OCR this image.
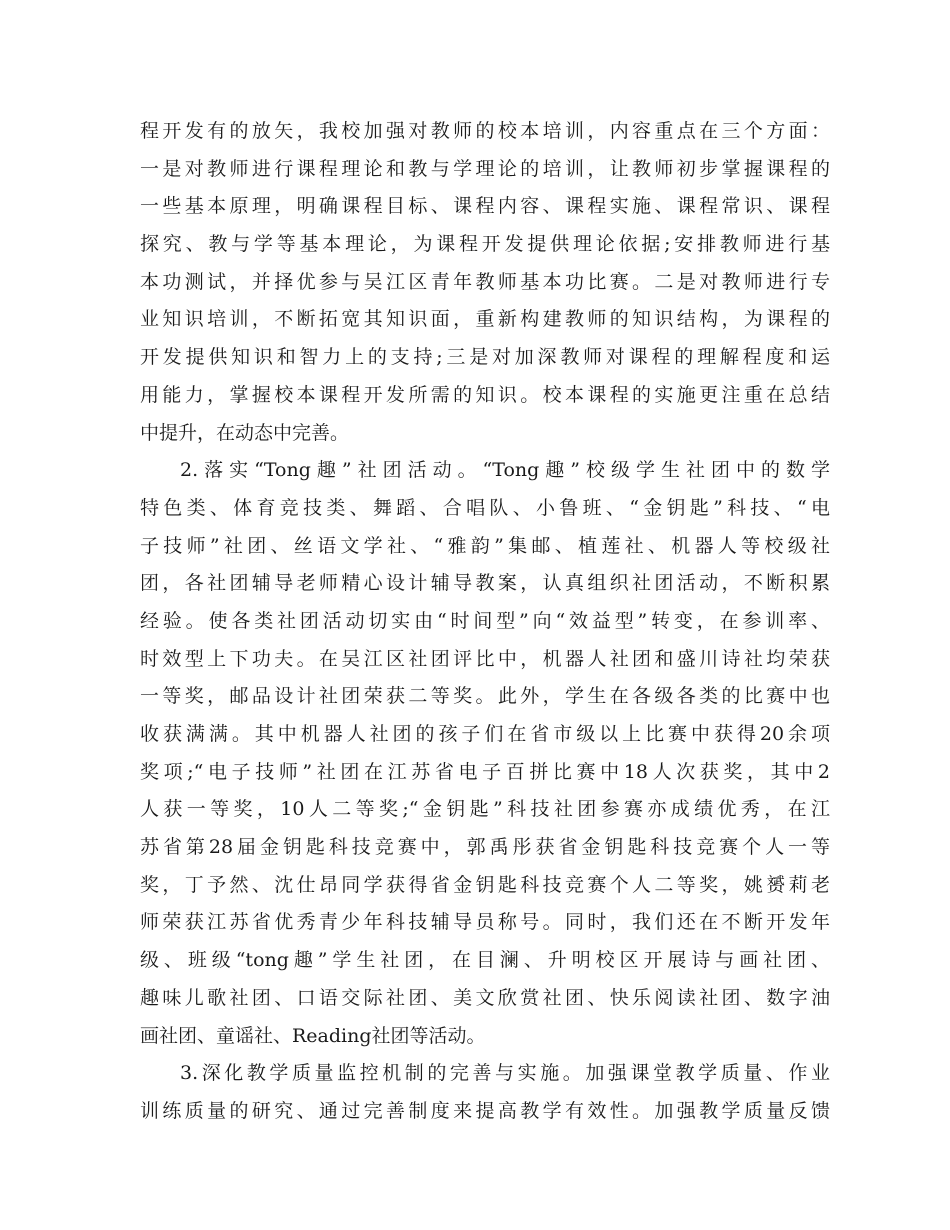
程开发有的放矢，我校加强对教师的校本培训，内容重点在三个方面：
一是对教师进行课程理论和教与学理论的培训，让教师初步掌握课程的
一些基本原理，明确课程目标、课程内容、课程实施、课程常识、课程
探究、教与学等基本理论，为课程开发提供理论依据;安排教师进行基
本功测试，并择优参与吴江区青年教师基本功比赛。二是对教师进行专
业知识培训，不断拓宽其知识面，重新构建教师的知识结构，为课程的
开发提供知识和智力上的支持;三是对加深教师对课程的理解程度和运
用能力，掌握校本课程开发所需的知识。校本课程的实施更注重在总结
中提升，在动态中完善。
2.落实“Tong趣”社团活动。“Tong趣”校级学生社团中的数学
特色类、体育竞技类、舞蹈、合唱队、小鲁班、“金钥匙”科技、“电
子技师”社团、丝语文学社、“雅韵”集邮、植莲社、机器人等校级社
团，各社团辅导老师精心设计辅导教案，认真组织社团活动，不断积累
经验。使各类社团活动切实由“时间型”向“效益型”转变，在参训率、
时效型上下功夫。在吴江区社团评比中，机器人社团和盛川诗社均荣获
一等奖，邮品设计社团荣获二等奖。此外，学生在各级各类的比赛中也
收获满满。其中机器人社团的孩子们在省市级以上比赛中获得20余项
奖项;“电子技师”社团在江苏省电子百拼比赛中18人次获奖，其中2
人获一等奖，10人二等奖;“金钥匙”科技社团参赛亦成绩优秀，在江
苏省第28届金钥匙科技竞赛中，郭禹彤获省金钥匙科技竞赛个人一等
奖，丁予然、沈仕昂同学获得省金钥匙科技竞赛个人二等奖，姚赟莉老
师荣获江苏省优秀青少年科技辅导员称号。同时，我们还在不断开发年
级、班级“tong趣”学生社团，在目澜、升明校区开展诗与画社团、
趣味儿歌社团、口语交际社团、美文欣赏社团、快乐阅读社团、数字油
画社团、童谣社、Reading社团等活动。
3.深化教学质量监控机制的完善与实施。加强课堂教学质量、作业
训练质量的研究、通过完善制度来提高教学有效性。加强教学质量反馈
